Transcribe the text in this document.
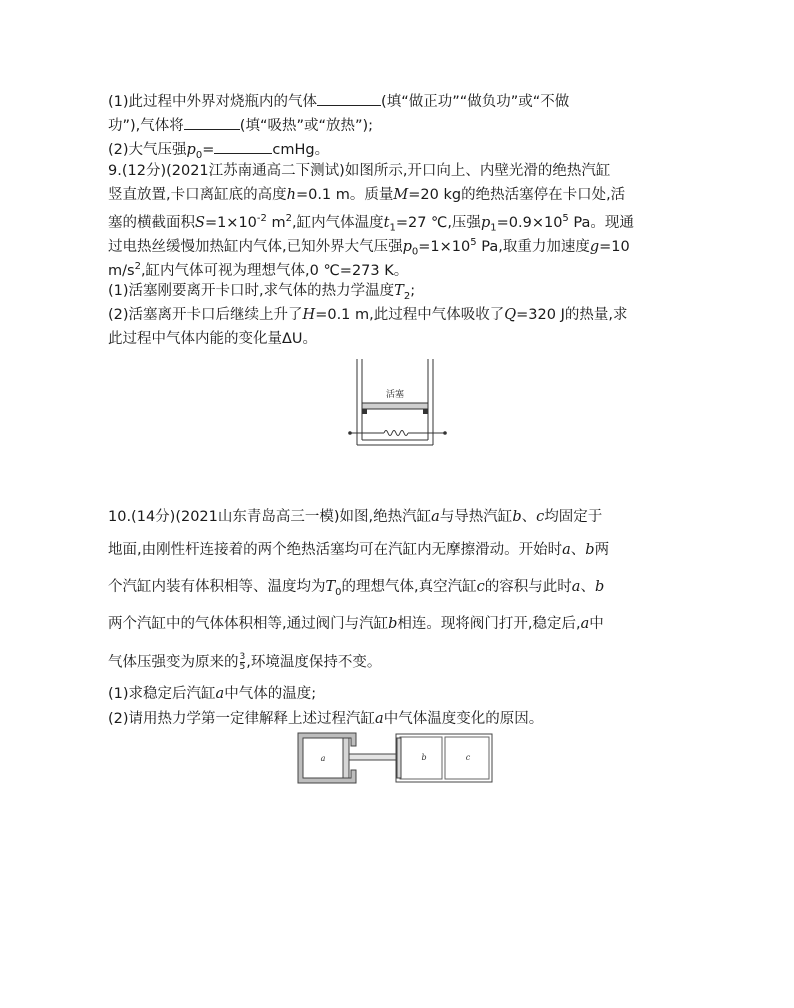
(1)此过程中外界对烧瓶内的气体	(填“做正功”“做负功”或“不做
功”),气体将	(填“吸热”或“放热”);
(2)大气压强$p_0=$	cmHg。
9.(12分)(2021江苏南通高二下测试)如图所示,开口向上、内壁光滑的绝热汽缸
竖直放置,卡口离缸底的高度h=0.1 m。质量M=20 kg的绝热活塞停在卡口处,活
塞的横截面积$S=1\times 10^{-2}$ $m^2$,缸内气体温度$t_1=27$ ℃,压强$p_1=0.9\times 10^5$ Pa。现通
过电热丝缓慢加热缸内气体,已知外界大气压强$p_0=1\times 10^5$ Pa,取重力加速度g=10
$m/s^2$,缸内气体可视为理想气体,0 ℃=273 K。
(1)活塞刚要离开卡口时,求气体的热力学温度$T_2$;
(2)活塞离开卡口后继续上升了H=0.1 m,此过程中气体吸收了Q=320 J的热量,求
此过程中气体内能的变化量ΔU。
活塞
10.(14分)(2021山东青岛高三一模)如图,绝热汽缸a与导热汽缸b、c均固定于
地面,由刚性杆连接着的两个绝热活塞均可在汽缸内无摩擦滑动。开始时a、b两
个汽缸内装有体积相等、温度均为$T_0$的理想气体,真空汽缸c的容积与此时a、b
两个汽缸中的气体体积相等,通过阀门与汽缸b相连。现将阀门打开,稳定后,a中
气体压强变为原来的 $\frac{3}{5}$ ,环境温度保持不变。
(1)求稳定后汽缸a中气体的温度;
(2)请用热力学第一定律解释上述过程汽缸a中气体温度变化的原因。
a	b	c
